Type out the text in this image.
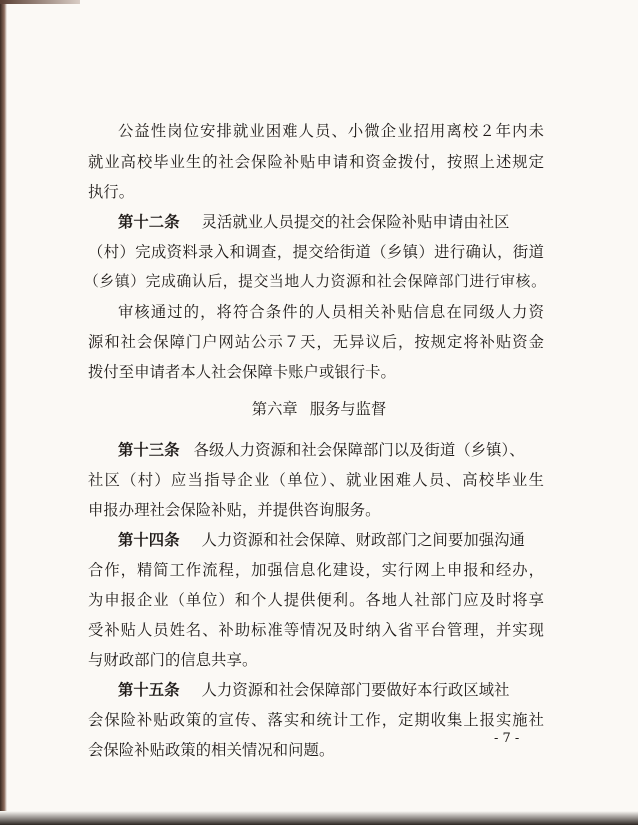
公益性岗位安排就业困难人员、小微企业招用离校２年内未
就业高校毕业生的社会保险补贴申请和资金拨付，按照上述规定
执行。
第十二条 灵活就业人员提交的社会保险补贴申请由社区
（村）完成资料录入和调查，提交给街道（乡镇）进行确认，街道
（乡镇）完成确认后，提交当地人力资源和社会保障部门进行审核。
审核通过的，将符合条件的人员相关补贴信息在同级人力资
源和社会保障门户网站公示７天，无异议后，按规定将补贴资金
拨付至申请者本人社会保障卡账户或银行卡。
第六章 服务与监督
第十三条 各级人力资源和社会保障部门以及街道（乡镇）、
社区（村）应当指导企业（单位）、就业困难人员、高校毕业生
申报办理社会保险补贴，并提供咨询服务。
第十四条 人力资源和社会保障、财政部门之间要加强沟通
合作，精简工作流程，加强信息化建设，实行网上申报和经办，
为申报企业（单位）和个人提供便利。各地人社部门应及时将享
受补贴人员姓名、补助标准等情况及时纳入省平台管理，并实现
与财政部门的信息共享。
第十五条 人力资源和社会保障部门要做好本行政区域社
会保险补贴政策的宣传、落实和统计工作，定期收集上报实施社
会保险补贴政策的相关情况和问题。
- 7 -
